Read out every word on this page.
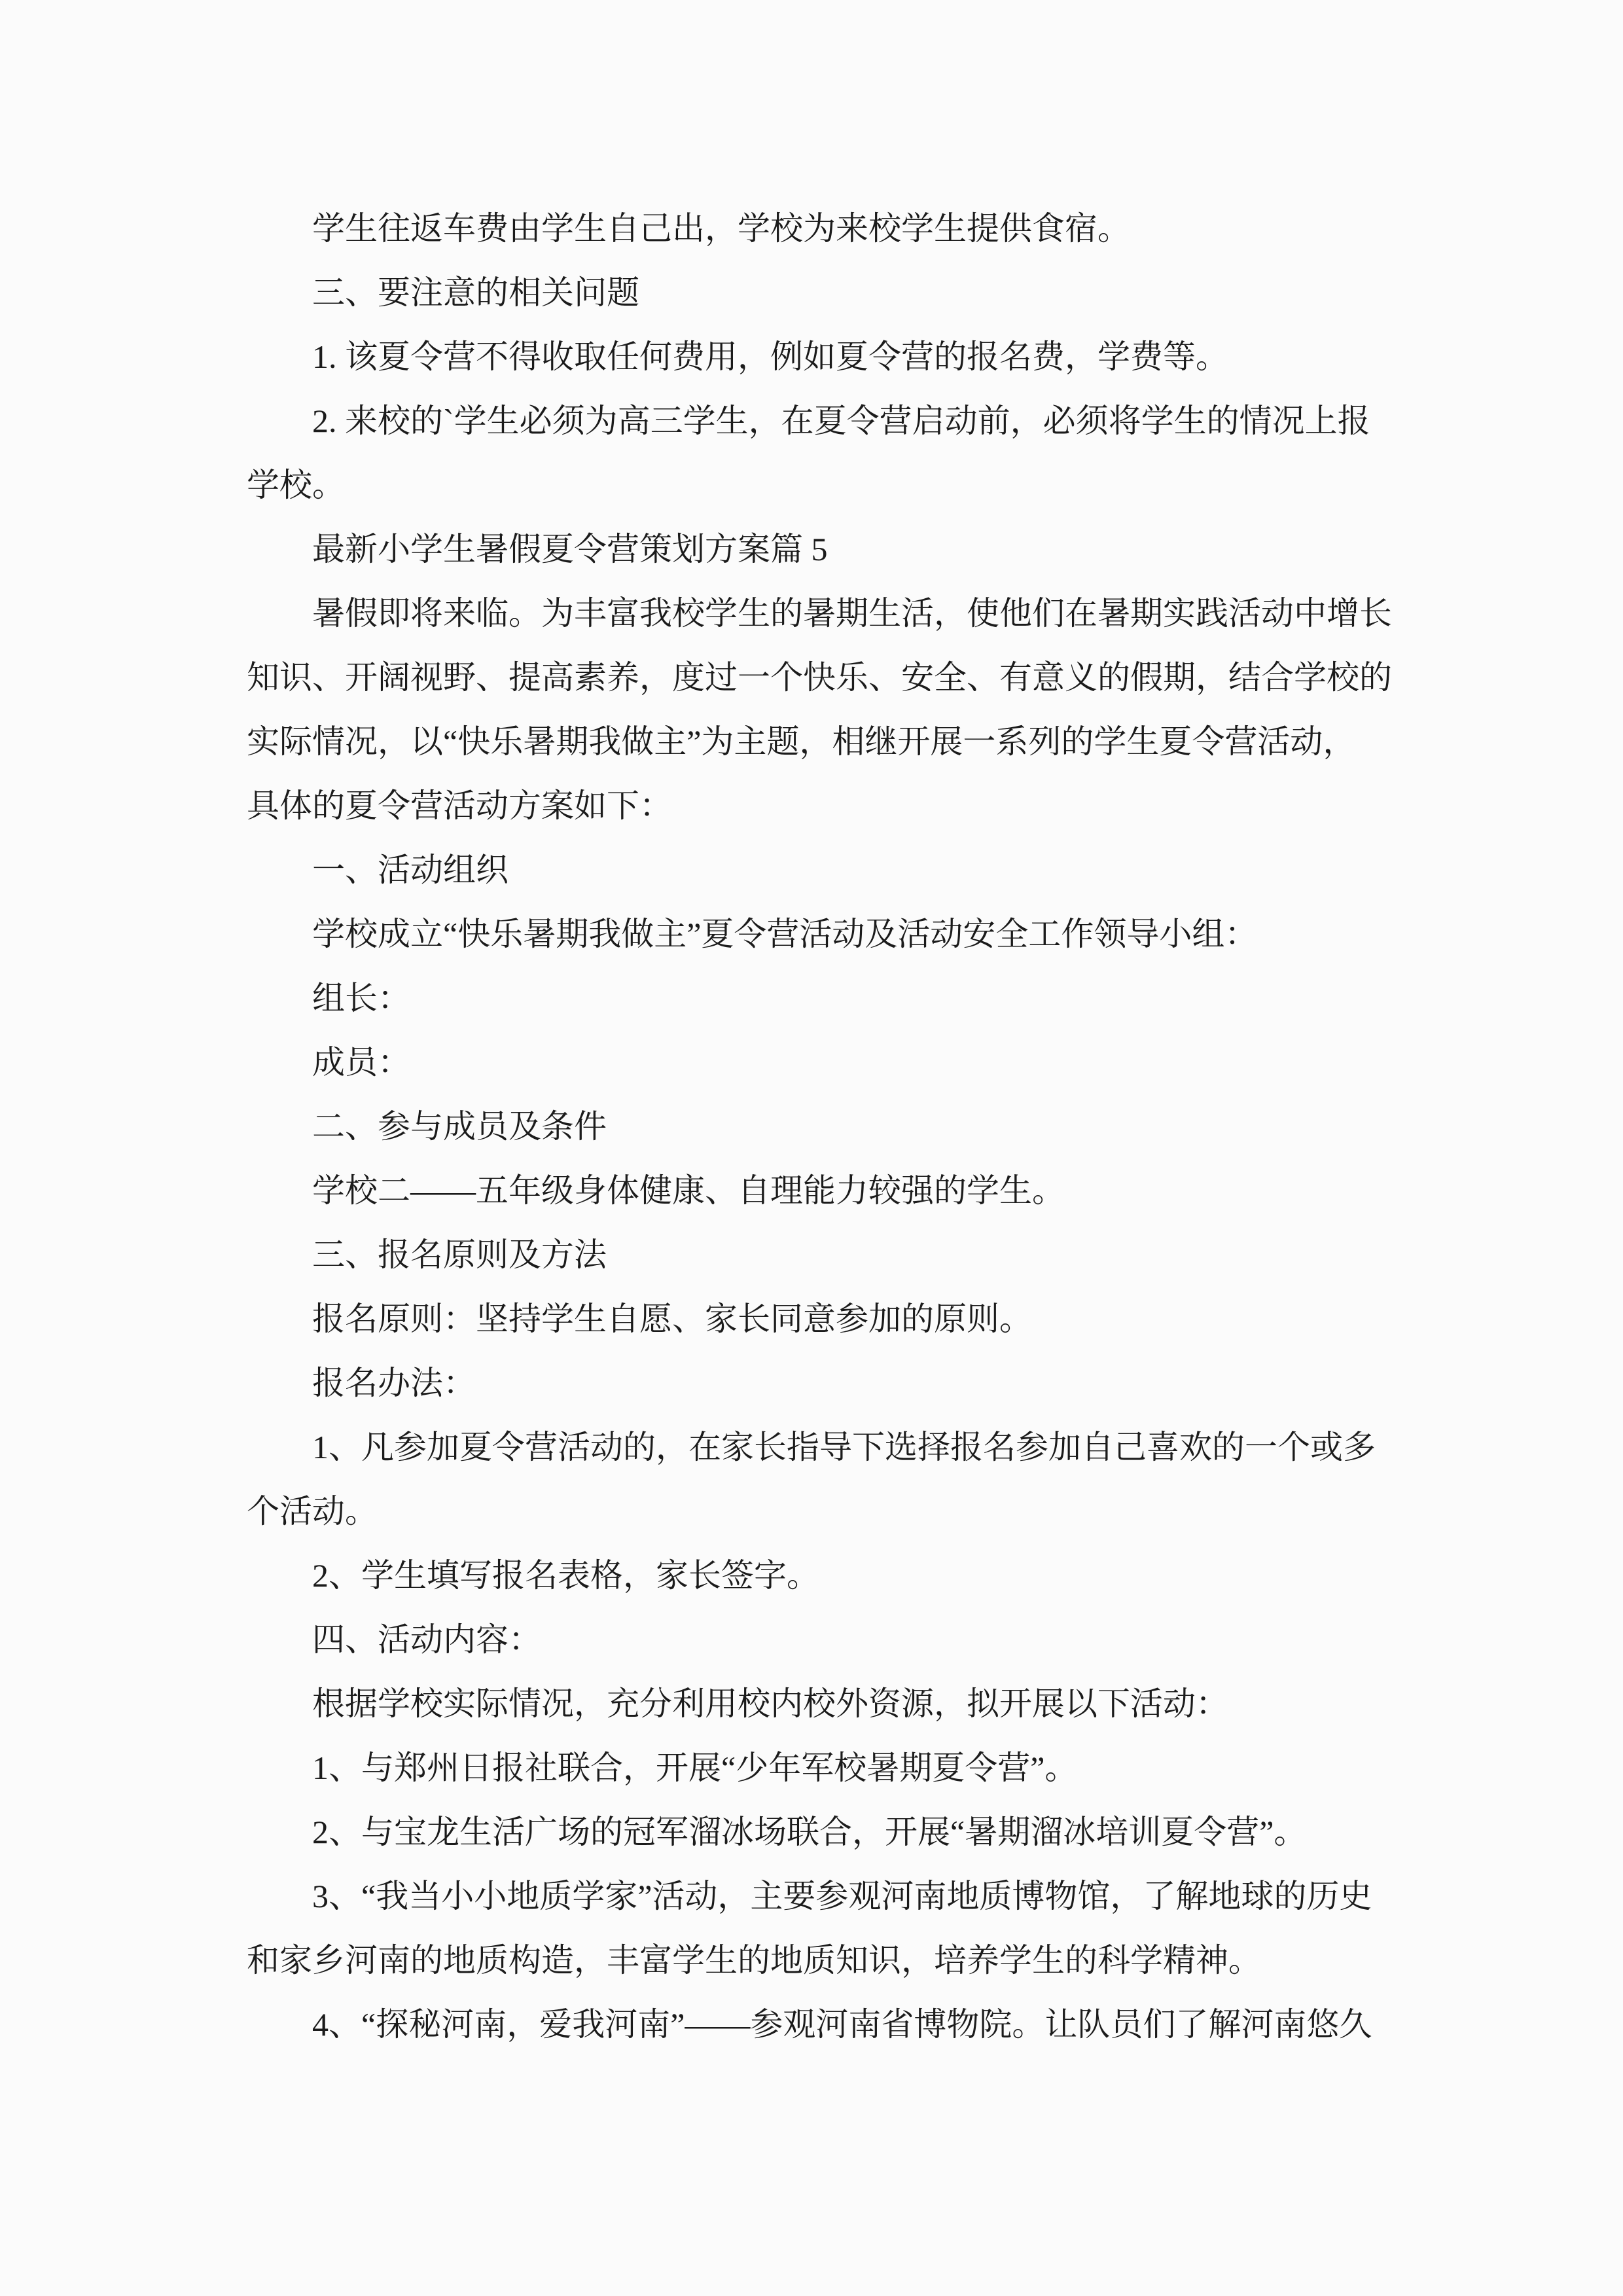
学生往返车费由学生自己出，学校为来校学生提供食宿。
三、要注意的相关问题
1. 该夏令营不得收取任何费用，例如夏令营的报名费，学费等。
2. 来校的`学生必须为高三学生，在夏令营启动前，必须将学生的情况上报
学校。
最新小学生暑假夏令营策划方案篇 5
暑假即将来临。为丰富我校学生的暑期生活，使他们在暑期实践活动中增长
知识、开阔视野、提高素养，度过一个快乐、安全、有意义的假期，结合学校的
实际情况，以“快乐暑期我做主”为主题，相继开展一系列的学生夏令营活动，
具体的夏令营活动方案如下：
一、活动组织
学校成立“快乐暑期我做主”夏令营活动及活动安全工作领导小组：
组长：
成员：
二、参与成员及条件
学校二——五年级身体健康、自理能力较强的学生。
三、报名原则及方法
报名原则：坚持学生自愿、家长同意参加的原则。
报名办法：
1、凡参加夏令营活动的，在家长指导下选择报名参加自己喜欢的一个或多
个活动。
2、学生填写报名表格，家长签字。
四、活动内容：
根据学校实际情况，充分利用校内校外资源，拟开展以下活动：
1、与郑州日报社联合，开展“少年军校暑期夏令营”。
2、与宝龙生活广场的冠军溜冰场联合，开展“暑期溜冰培训夏令营”。
3、“我当小小地质学家”活动，主要参观河南地质博物馆，了解地球的历史
和家乡河南的地质构造，丰富学生的地质知识，培养学生的科学精神。
4、“探秘河南，爱我河南”——参观河南省博物院。让队员们了解河南悠久
